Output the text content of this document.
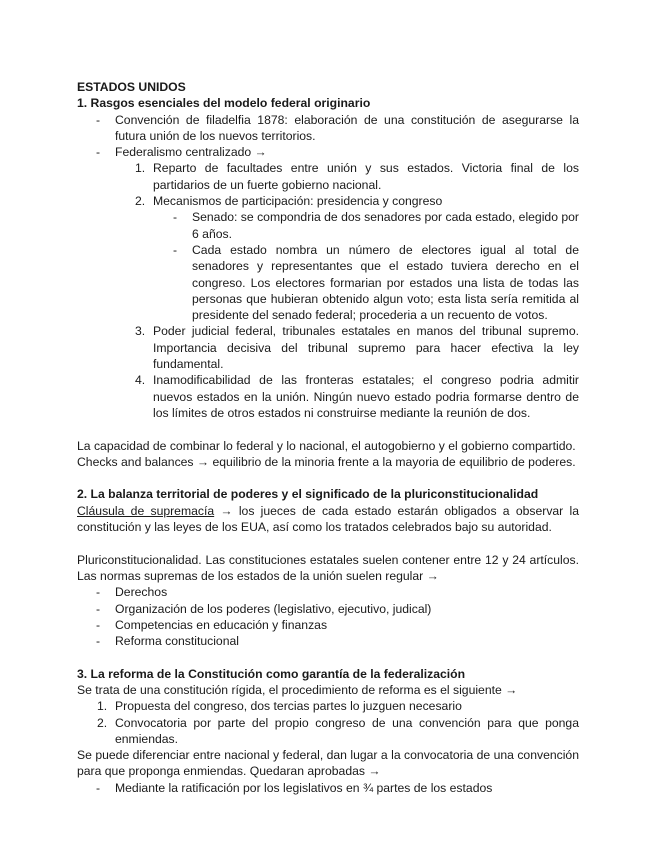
ESTADOS UNIDOS

1. Rasgos esenciales del modelo federal originario

- Convención de filadelfia 1878: elaboración de una constitución de asegurarse la futura unión de los nuevos territorios.
- Federalismo centralizado →
1. Reparto de facultades entre unión y sus estados. Victoria final de los partidarios de un fuerte gobierno nacional.
2. Mecanismos de participación: presidencia y congreso
- Senado: se compondria de dos senadores por cada estado, elegido por 6 años.
- Cada estado nombra un número de electores igual al total de senadores y representantes que el estado tuviera derecho en el congreso. Los electores formarian por estados una lista de todas las personas que hubieran obtenido algun voto; esta lista sería remitida al presidente del senado federal; procederia a un recuento de votos.
3. Poder judicial federal, tribunales estatales en manos del tribunal supremo. Importancia decisiva del tribunal supremo para hacer efectiva la ley fundamental.
4. Inamodificabilidad de las fronteras estatales; el congreso podria admitir nuevos estados en la unión. Ningún nuevo estado podria formarse dentro de los límites de otros estados ni construirse mediante la reunión de dos.

La capacidad de combinar lo federal y lo nacional, el autogobierno y el gobierno compartido.

Checks and balances → equilibrio de la minoria frente a la mayoria de equilibrio de poderes.

2. La balanza territorial de poderes y el significado de la pluriconstitucionalidad

Cláusula de supremacía → los jueces de cada estado estarán obligados a observar la constitución y las leyes de los EUA, así como los tratados celebrados bajo su autoridad.

Pluriconstitucionalidad. Las constituciones estatales suelen contener entre 12 y 24 artículos. Las normas supremas de los estados de la unión suelen regular →

- Derechos
- Organización de los poderes (legislativo, ejecutivo, judical)
- Competencias en educación y finanzas
- Reforma constitucional

3. La reforma de la Constitución como garantía de la federalización

Se trata de una constitución rígida, el procedimiento de reforma es el siguiente →

1. Propuesta del congreso, dos tercias partes lo juzguen necesario
2. Convocatoria por parte del propio congreso de una convención para que ponga enmiendas.

Se puede diferenciar entre nacional y federal, dan lugar a la convocatoria de una convención para que proponga enmiendas. Quedaran aprobadas →

- Mediante la ratificación por los legislativos en ¾ partes de los estados
